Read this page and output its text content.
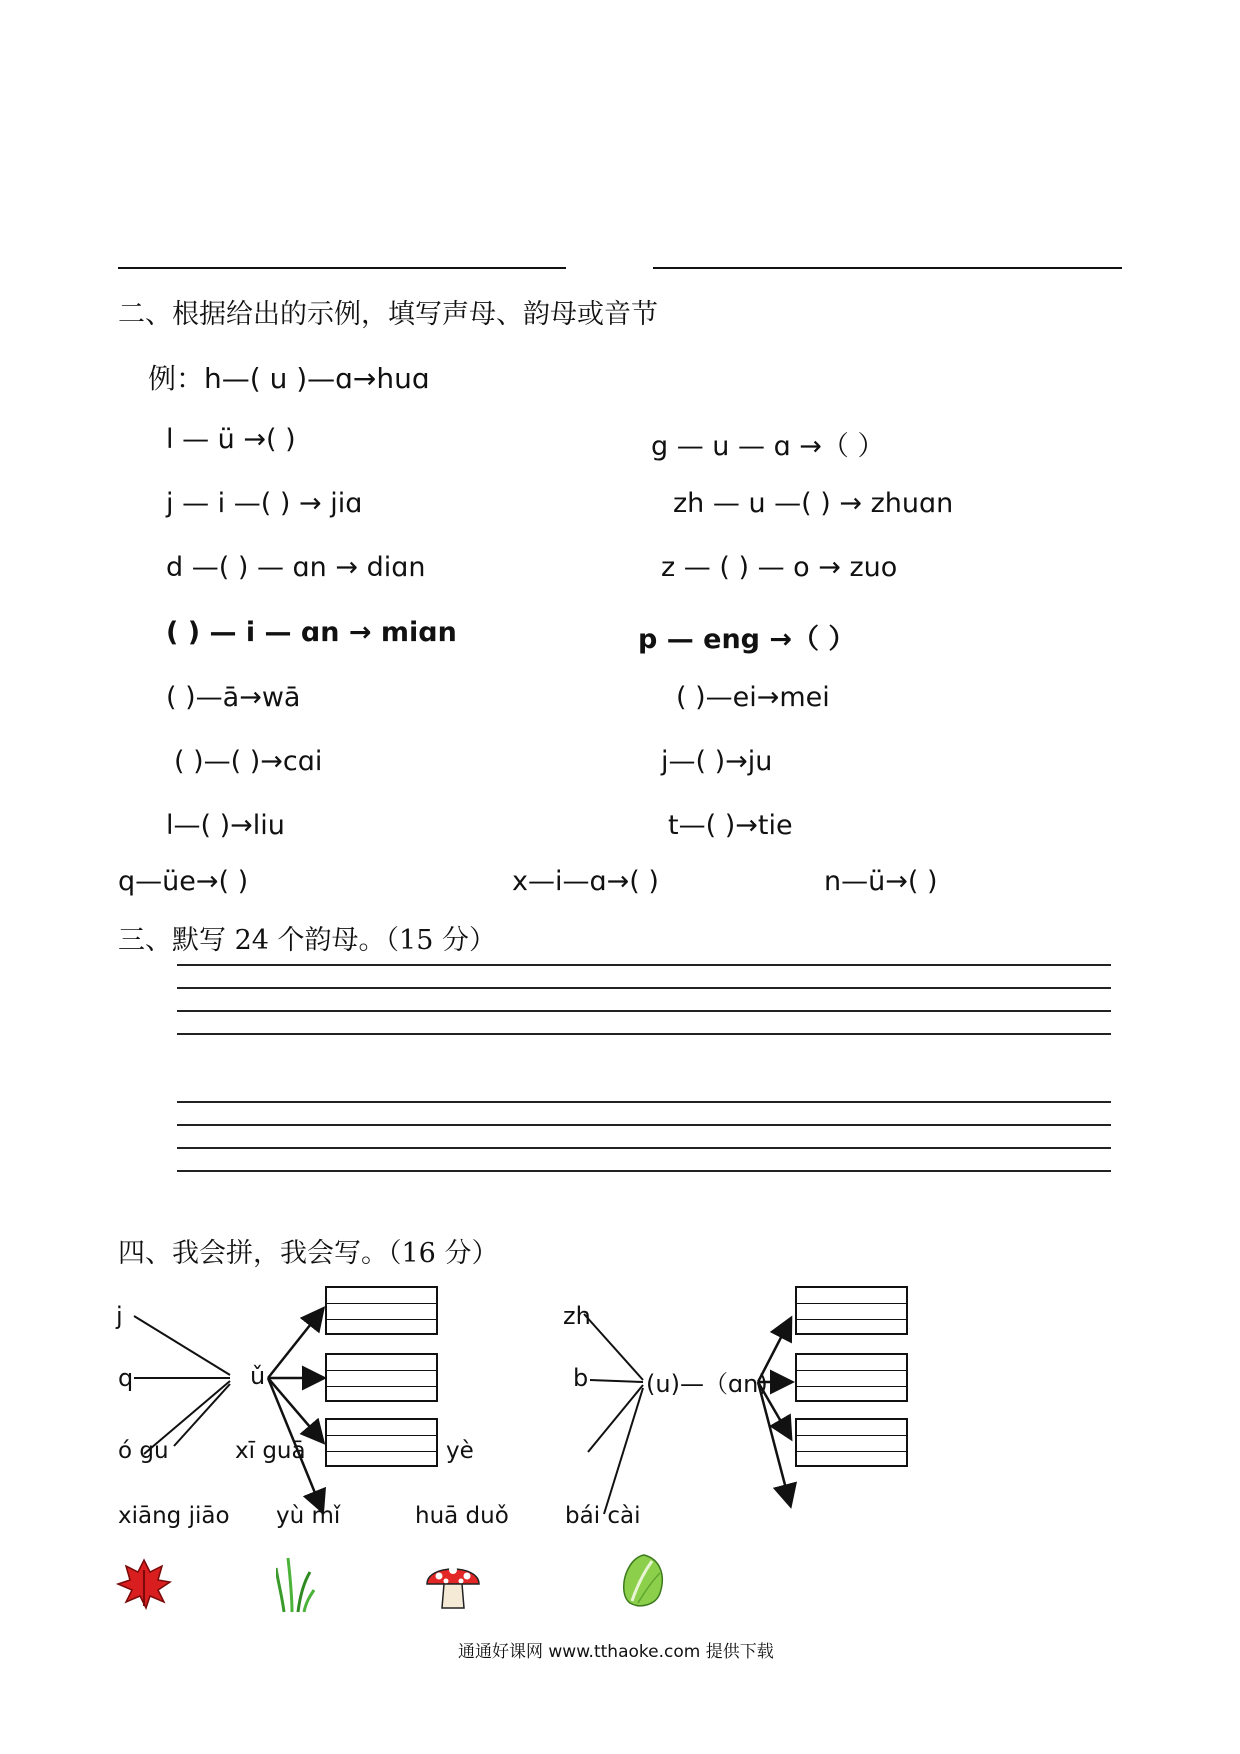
二、根据给出的示例，填写声母、韵母或音节
例：h—( u )—ɑ→huɑ
l — ü →( )	g — u — ɑ →（ ）
j — i —( ) → jiɑ	zh — u —( ) → zhuɑn
d —( ) — ɑn → diɑn	z — ( ) — o → zuo
( ) — i — ɑn → miɑn	p — eng →（ ）
( )—ā→wā	( )—ei→mei
( )—( )→cɑi	j—( )→ju
l—( )→liu	t—( )→tie
q—üe→( )	x—i—ɑ→( )	n—ü→( )
三、默写 24 个韵母。（15 分）
四、我会拼，我会写。（16 分）
j
q	ǔ
zh
b (u)—（ɑn)
ó gu	xī guā	yè
xiāng jiāo yù mǐ	huā duǒ bái cài
通通好课网 www.tthaoke.com 提供下载
